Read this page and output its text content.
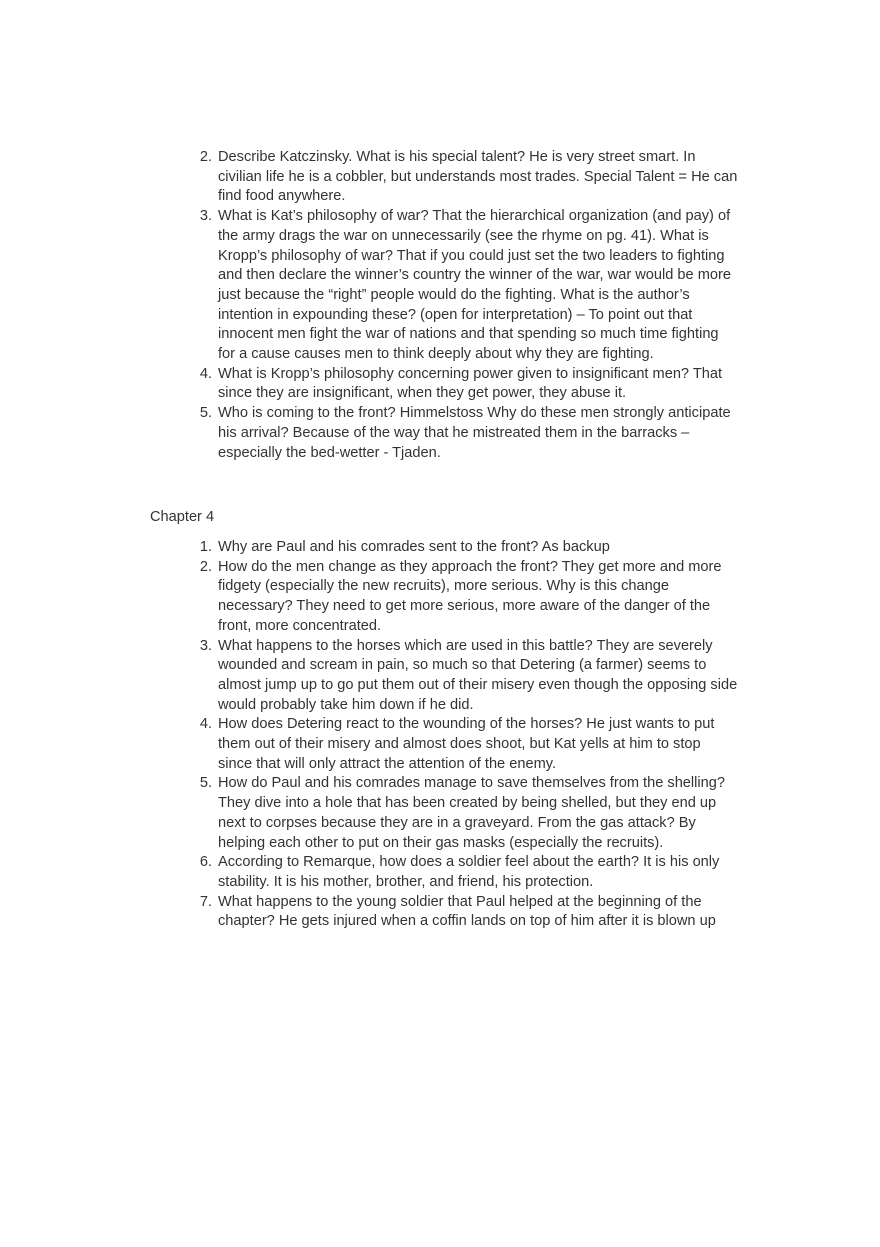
2. Describe Katczinsky. What is his special talent? He is very street smart. In civilian life he is a cobbler, but understands most trades. Special Talent = He can find food anywhere.
3. What is Kat’s philosophy of war? That the hierarchical organization (and pay) of the army drags the war on unnecessarily (see the rhyme on pg. 41). What is Kropp’s philosophy of war? That if you could just set the two leaders to fighting and then declare the winner’s country the winner of the war, war would be more just because the “right” people would do the fighting. What is the author’s intention in expounding these? (open for interpretation) – To point out that innocent men fight the war of nations and that spending so much time fighting for a cause causes men to think deeply about why they are fighting.
4. What is Kropp’s philosophy concerning power given to insignificant men? That since they are insignificant, when they get power, they abuse it.
5. Who is coming to the front? Himmelstoss Why do these men strongly anticipate his arrival? Because of the way that he mistreated them in the barracks – especially the bed-wetter - Tjaden.
Chapter 4
1. Why are Paul and his comrades sent to the front? As backup
2. How do the men change as they approach the front? They get more and more fidgety (especially the new recruits), more serious. Why is this change necessary? They need to get more serious, more aware of the danger of the front, more concentrated.
3. What happens to the horses which are used in this battle? They are severely wounded and scream in pain, so much so that Detering (a farmer) seems to almost jump up to go put them out of their misery even though the opposing side would probably take him down if he did.
4. How does Detering react to the wounding of the horses? He just wants to put them out of their misery and almost does shoot, but Kat yells at him to stop since that will only attract the attention of the enemy.
5. How do Paul and his comrades manage to save themselves from the shelling? They dive into a hole that has been created by being shelled, but they end up next to corpses because they are in a graveyard. From the gas attack? By helping each other to put on their gas masks (especially the recruits).
6. According to Remarque, how does a soldier feel about the earth? It is his only stability. It is his mother, brother, and friend, his protection.
7. What happens to the young soldier that Paul helped at the beginning of the chapter? He gets injured when a coffin lands on top of him after it is blown up
